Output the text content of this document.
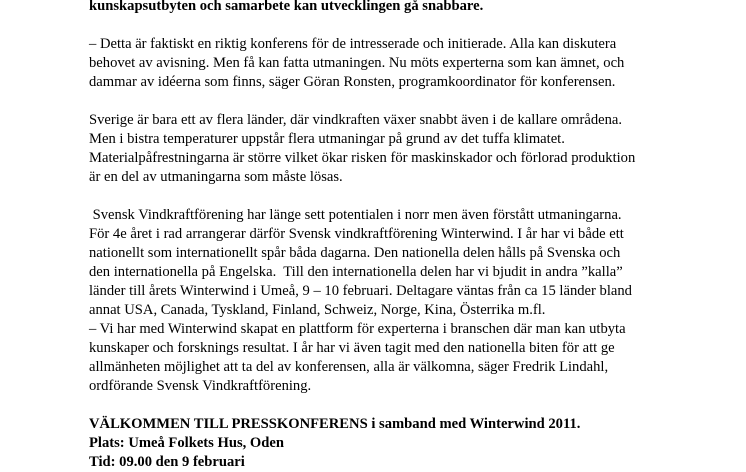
kunskapsutbyten och samarbete kan utvecklingen gå snabbare.

– Detta är faktiskt en riktig konferens för de intresserade och initierade. Alla kan diskutera
behovet av avisning. Men få kan fatta utmaningen. Nu möts experterna som kan ämnet, och
dammar av idéerna som finns, säger Göran Ronsten, programkoordinator för konferensen.

Sverige är bara ett av flera länder, där vindkraften växer snabbt även i de kallare områdena.
Men i bistra temperaturer uppstår flera utmaningar på grund av det tuffa klimatet.
Materialpåfrestningarna är större vilket ökar risken för maskinskador och förlorad produktion
är en del av utmaningarna som måste lösas.

Svensk Vindkraftförening har länge sett potentialen i norr men även förstått utmaningarna.
För 4e året i rad arrangerar därför Svensk vindkraftförening Winterwind. I år har vi både ett
nationellt som internationellt spår båda dagarna. Den nationella delen hålls på Svenska och
den internationella på Engelska.  Till den internationella delen har vi bjudit in andra ”kalla”
länder till årets Winterwind i Umeå, 9 – 10 februari. Deltagare väntas från ca 15 länder bland
annat USA, Canada, Tyskland, Finland, Schweiz, Norge, Kina, Österrika m.fl.
– Vi har med Winterwind skapat en plattform för experterna i branschen där man kan utbyta
kunskaper och forsknings resultat. I år har vi även tagit med den nationella biten för att ge
allmänheten möjlighet att ta del av konferensen, alla är välkomna, säger Fredrik Lindahl,
ordförande Svensk Vindkraftförening.

VÄLKOMMEN TILL PRESSKONFERENS i samband med Winterwind 2011.
Plats: Umeå Folkets Hus, Oden
Tid: 09.00 den 9 februari
